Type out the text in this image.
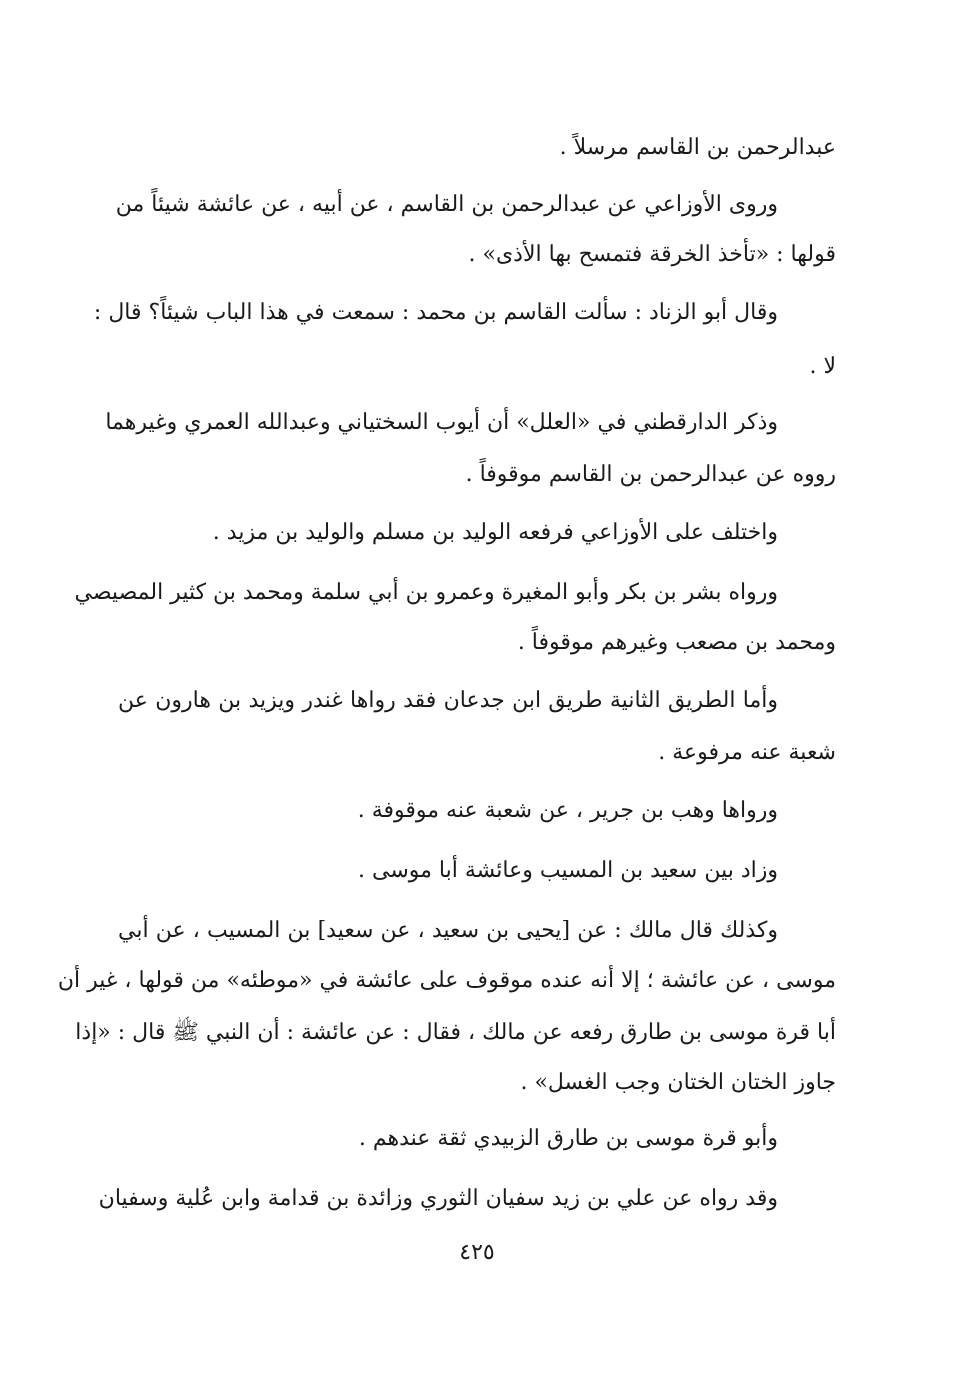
عبدالرحمن بن القاسم مرسلاً .
وروى الأوزاعي عن عبدالرحمن بن القاسم ، عن أبيه ، عن عائشة شيئاً من
قولها : «تأخذ الخرقة فتمسح بها الأذى» .
وقال أبو الزناد : سألت القاسم بن محمد : سمعت في هذا الباب شيئاً؟ قال :
لا .
وذكر الدارقطني في «العلل» أن أيوب السختياني وعبدالله العمري وغيرهما
رووه عن عبدالرحمن بن القاسم موقوفاً .
واختلف على الأوزاعي فرفعه الوليد بن مسلم والوليد بن مزيد .
ورواه بشر بن بكر وأبو المغيرة وعمرو بن أبي سلمة ومحمد بن كثير المصيصي
ومحمد بن مصعب وغيرهم موقوفاً .
وأما الطريق الثانية طريق ابن جدعان فقد رواها غندر ويزيد بن هارون عن
شعبة عنه مرفوعة .
ورواها وهب بن جرير ، عن شعبة عنه موقوفة .
وزاد بين سعيد بن المسيب وعائشة أبا موسى .
وكذلك قال مالك : عن [يحيى بن سعيد ، عن سعيد] بن المسيب ، عن أبي
موسى ، عن عائشة ؛ إلا أنه عنده موقوف على عائشة في «موطئه» من قولها ، غير أن
أبا قرة موسى بن طارق رفعه عن مالك ، فقال : عن عائشة : أن النبي ﷺ قال : «إذا
جاوز الختان الختان وجب الغسل» .
وأبو قرة موسى بن طارق الزبيدي ثقة عندهم .
وقد رواه عن علي بن زيد سفيان الثوري وزائدة بن قدامة وابن عُلية وسفيان
٤٢٥
